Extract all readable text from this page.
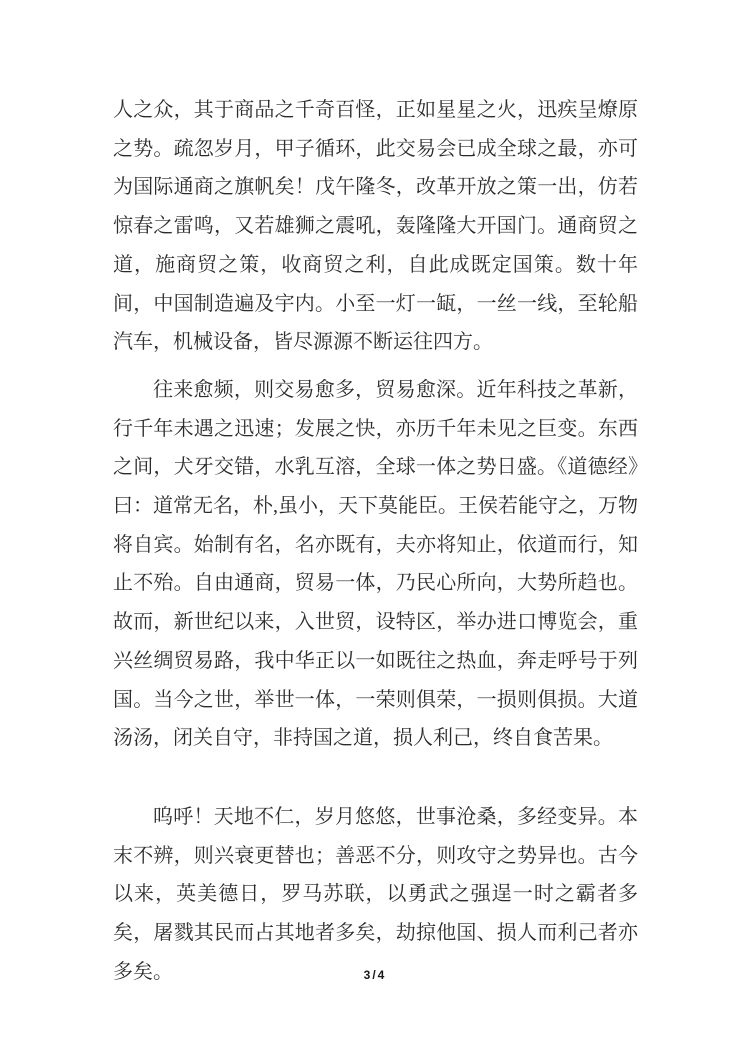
人之众，其于商品之千奇百怪，正如星星之火，迅疾呈燎原之势。疏忽岁月，甲子循环，此交易会已成全球之最，亦可为国际通商之旗帆矣！戊午隆冬，改革开放之策一出，仿若惊春之雷鸣，又若雄狮之震吼，轰隆隆大开国门。通商贸之道，施商贸之策，收商贸之利，自此成既定国策。数十年间，中国制造遍及宇内。小至一灯一缻，一丝一线，至轮船汽车，机械设备，皆尽源源不断运往四方。

往来愈频，则交易愈多，贸易愈深。近年科技之革新，行千年未遇之迅速；发展之快，亦历千年未见之巨变。东西之间，犬牙交错，水乳互溶，全球一体之势日盛。《道德经》曰：道常无名，朴,虽小，天下莫能臣。王侯若能守之，万物将自宾。始制有名，名亦既有，夫亦将知止，依道而行，知止不殆。自由通商，贸易一体，乃民心所向，大势所趋也。故而，新世纪以来，入世贸，设特区，举办进口博览会，重兴丝绸贸易路，我中华正以一如既往之热血，奔走呼号于列国。当今之世，举世一体，一荣则俱荣，一损则俱损。大道汤汤，闭关自守，非持国之道，损人利己，终自食苦果。

呜呼！天地不仁，岁月悠悠，世事沧桑，多经变异。本末不辨，则兴衰更替也；善恶不分，则攻守之势异也。古今以来，英美德日，罗马苏联，以勇武之强逞一时之霸者多矣，屠戮其民而占其地者多矣，劫掠他国、损人而利己者亦多矣。	3/4
